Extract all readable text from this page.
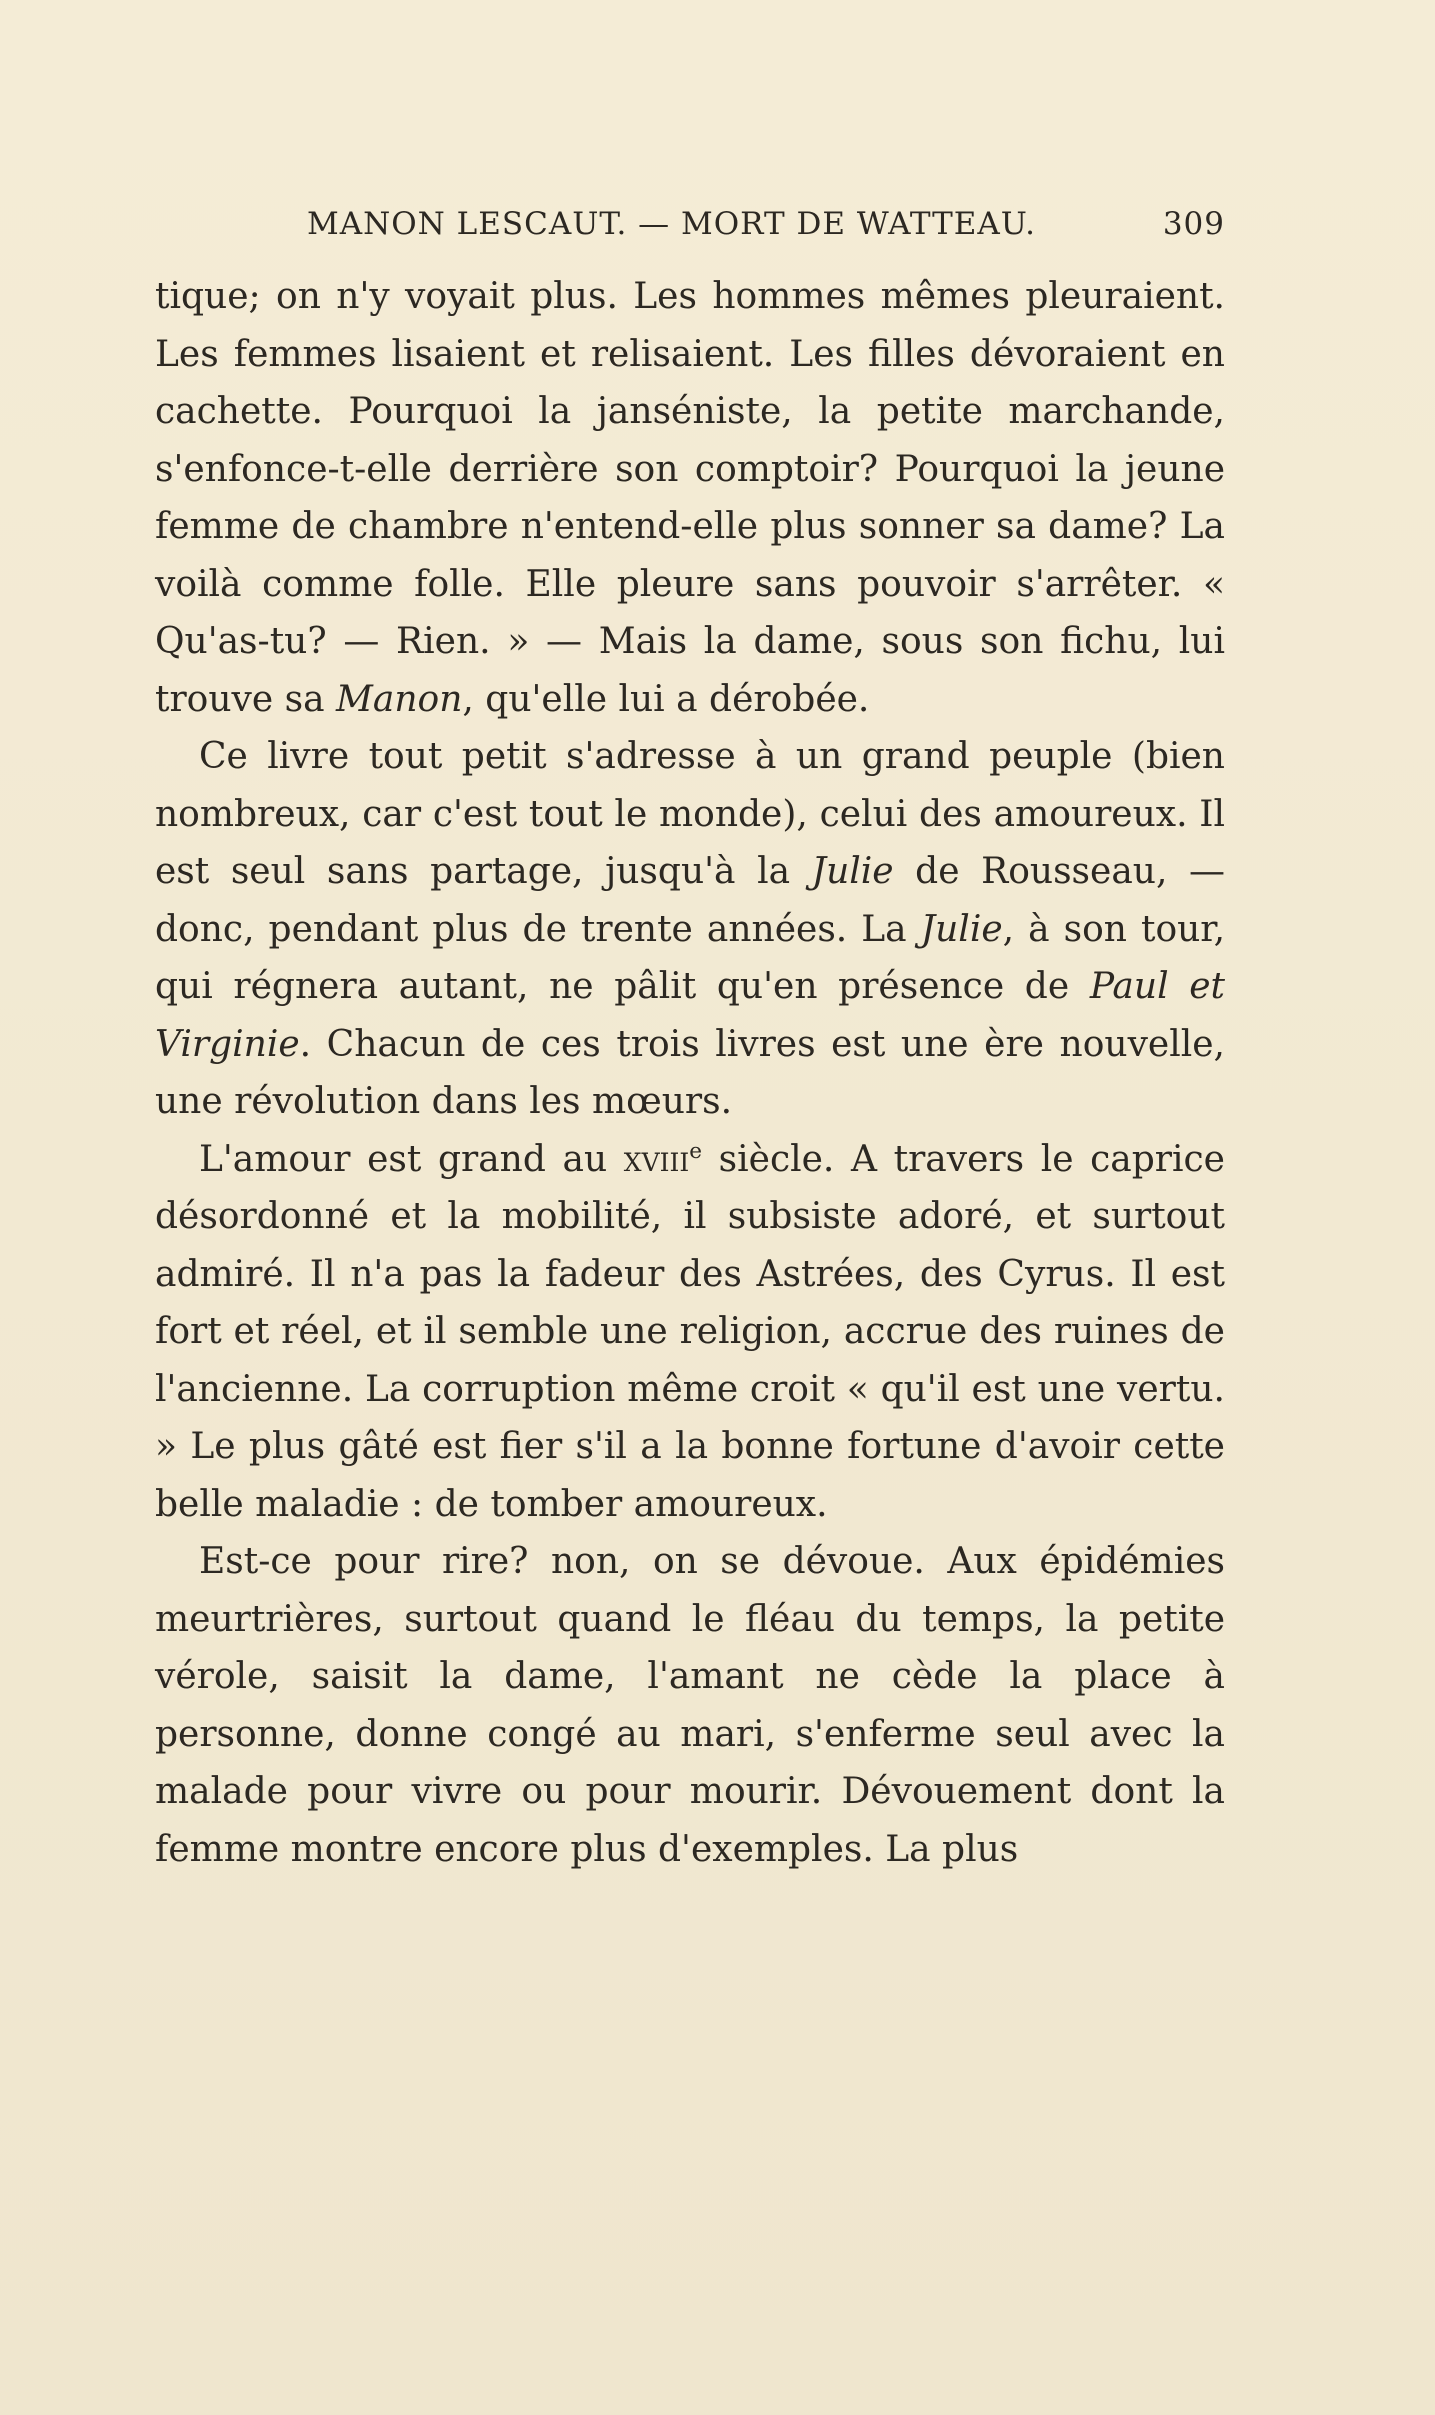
MANON LESCAUT. — MORT DE WATTEAU.	309

tique; on n'y voyait plus. Les hommes mêmes pleuraient. Les femmes lisaient et relisaient. Les filles dévoraient en cachette. Pourquoi la janséniste, la petite marchande, s'enfonce-t-elle derrière son comptoir? Pourquoi la jeune femme de chambre n'entend-elle plus sonner sa dame? La voilà comme folle. Elle pleure sans pouvoir s'arrêter. « Qu'as-tu? — Rien. » — Mais la dame, sous son fichu, lui trouve sa Manon, qu'elle lui a dérobée.

Ce livre tout petit s'adresse à un grand peuple (bien nombreux, car c'est tout le monde), celui des amoureux. Il est seul sans partage, jusqu'à la Julie de Rousseau, — donc, pendant plus de trente années. La Julie, à son tour, qui régnera autant, ne pâlit qu'en présence de Paul et Virginie. Chacun de ces trois livres est une ère nouvelle, une révolution dans les mœurs.

L'amour est grand au xviii$^e$ siècle. A travers le caprice désordonné et la mobilité, il subsiste adoré, et surtout admiré. Il n'a pas la fadeur des Astrées, des Cyrus. Il est fort et réel, et il semble une religion, accrue des ruines de l'ancienne. La corruption même croit « qu'il est une vertu. » Le plus gâté est fier s'il a la bonne fortune d'avoir cette belle maladie : de tomber amoureux.

Est-ce pour rire? non, on se dévoue. Aux épidémies meurtrières, surtout quand le fléau du temps, la petite vérole, saisit la dame, l'amant ne cède la place à personne, donne congé au mari, s'enferme seul avec la malade pour vivre ou pour mourir. Dévouement dont la femme montre encore plus d'exemples. La plus
